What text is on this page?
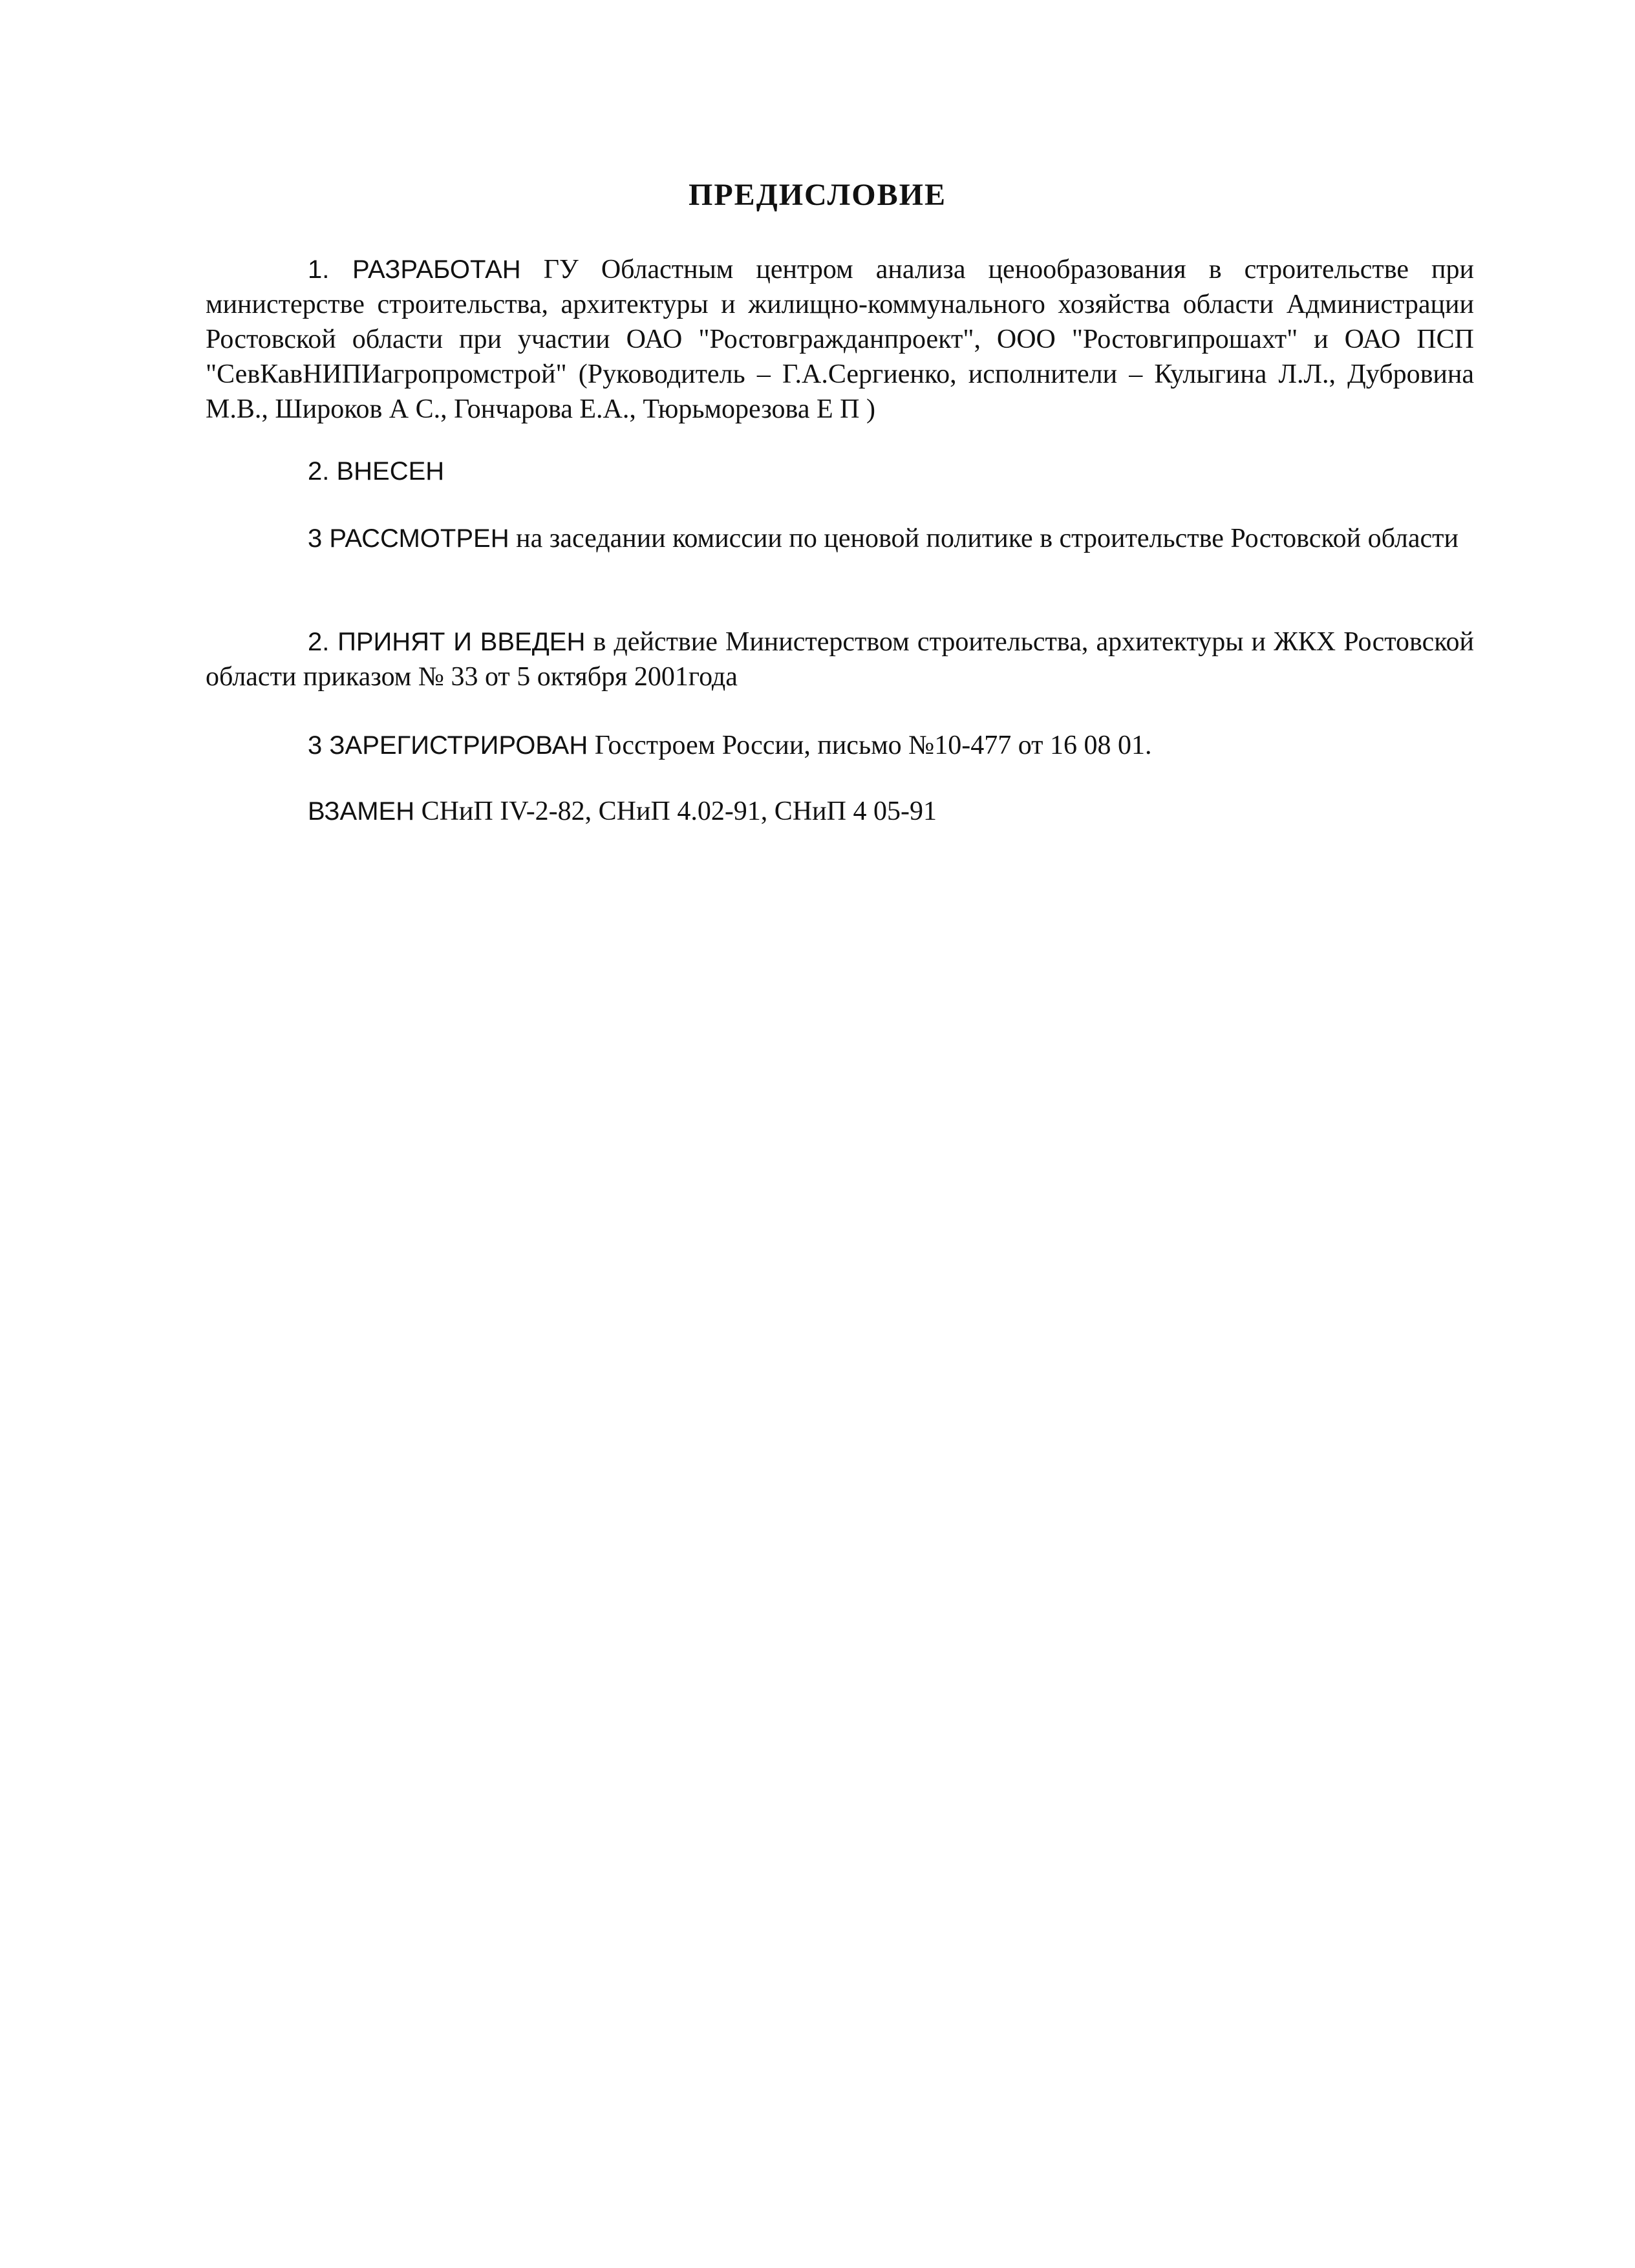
ПРЕДИСЛОВИЕ

1. РАЗРАБОТАН ГУ Областным центром анализа ценообразования в строительстве при министерстве строительства, архитектуры и жилищно-коммунального хозяйства области Администрации Ростовской области при участии ОАО "Ростовгражданпроект", ООО "Ростовгипрошахт" и ОАО ПСП "СевКавНИПИагропромстрой" (Руководитель – Г.А.Сергиенко, исполнители – Кулыгина Л.Л., Дубровина М.В., Широков А С., Гончарова Е.А., Тюрьморезова Е П )

2. ВНЕСЕН

3 РАССМОТРЕН на заседании комиссии по ценовой политике в строительстве Ростовской области

2. ПРИНЯТ И ВВЕДЕН в действие Министерством строительства, архитектуры и ЖКХ Ростовской области приказом № 33 от 5 октября 2001года

3 ЗАРЕГИСТРИРОВАН Госстроем России, письмо №10-477 от 16 08 01.

ВЗАМЕН СНиП IV-2-82, СНиП 4.02-91, СНиП 4 05-91
